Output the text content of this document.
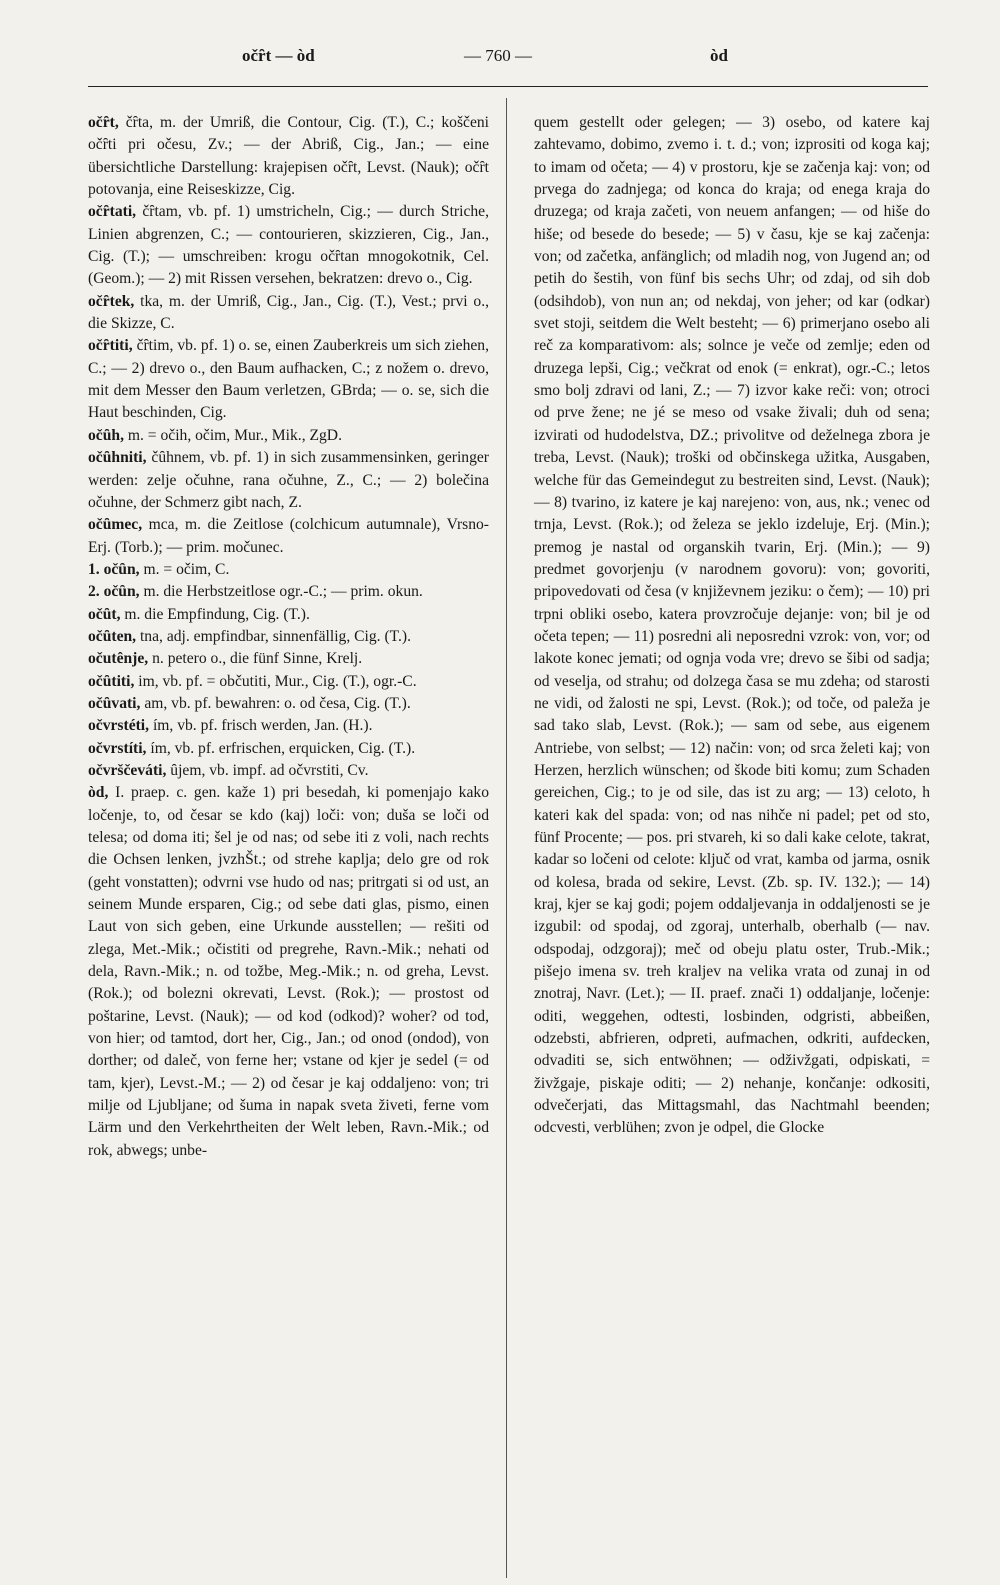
očȓt — òd	— 760 —	òd
očȓt, čȓta, m. der Umriß, die Contour, Cig. (T.), C.; koščeni očȓti pri očesu, Zv.; — der Abriß, Cig., Jan.; — eine übersichtliche Darstellung: krajepisen očȓt, Levst. (Nauk); očȓt potovanja, eine Reiseskizze, Cig.
očȓtati, čȓtam, vb. pf. 1) umstricheln, Cig.; — durch Striche, Linien abgrenzen, C.; — contourieren, skizzieren, Cig., Jan., Cig. (T.); — umschreiben: krogu očȓtan mnogokotnik, Cel. (Geom.); — 2) mit Rissen versehen, bekratzen: drevo o., Cig.
očȓtek, tka, m. der Umriß, Cig., Jan., Cig. (T.), Vest.; prvi o., die Skizze, C.
očȓtiti, čȓtim, vb. pf. 1) o. se, einen Zauberkreis um sich ziehen, C.; — 2) drevo o., den Baum aufhacken, C.; z nožem o. drevo, mit dem Messer den Baum verletzen, GBrda; — o. se, sich die Haut beschinden, Cig.
očȗh, m. = očih, očim, Mur., Mik., ZgD.
očȗhniti, čȗhnem, vb. pf. 1) in sich zusammensinken, geringer werden: zelje očuhne, rana očuhne, Z., C.; — 2) bolečina očuhne, der Schmerz gibt nach, Z.
očȗmec, mca, m. die Zeitlose (colchicum autumnale), Vrsno-Erj. (Torb.); — prim. močunec.
1. očȗn, m. = očim, C.
2. očȗn, m. die Herbstzeitlose ogr.-C.; — prim. okun.
očȗt, m. die Empfindung, Cig. (T.).
očȗten, tna, adj. empfindbar, sinnenfällig, Cig. (T.).
očutênje, n. petero o., die fünf Sinne, Krelj.
očȗtiti, im, vb. pf. = občutiti, Mur., Cig. (T.), ogr.-C.
očȗvati, am, vb. pf. bewahren: o. od česa, Cig. (T.).
očvrstéti, ím, vb. pf. frisch werden, Jan. (H.).
očvrstíti, ím, vb. pf. erfrischen, erquicken, Cig. (T.).
očvrščeváti, ȗjem, vb. impf. ad očvrstiti, Cv.
òd, I. praep. c. gen. kaže 1) pri besedah, ki pomenjajo kako ločenje, to, od česar se kdo (kaj) loči: von; duša se loči od telesa; od doma iti; šel je od nas; od sebe iti z voli, nach rechts die Ochsen lenken, jvzhŠt.; od strehe kaplja; delo gre od rok (geht vonstatten); odvrni vse hudo od nas; pritrgati si od ust, an seinem Munde ersparen, Cig.; od sebe dati glas, pismo, einen Laut von sich geben, eine Urkunde ausstellen; — rešiti od zlega, Met.-Mik.; očistiti od pregrehe, Ravn.-Mik.; nehati od dela, Ravn.-Mik.; n. od tožbe, Meg.-Mik.; n. od greha, Levst. (Rok.); od bolezni okrevati, Levst. (Rok.); — prostost od poštarine, Levst. (Nauk); — od kod (odkod)? woher? od tod, von hier; od tamtod, dort her, Cig., Jan.; od onod (ondod), von dorther; od daleč, von ferne her; vstane od kjer je sedel (= od tam, kjer), Levst.-M.; — 2) od česar je kaj oddaljeno: von; tri milje od Ljubljane; od šuma in napak sveta živeti, ferne vom Lärm und den Verkehrtheiten der Welt leben, Ravn.-Mik.; od rok, abwegs; unbe-
quem gestellt oder gelegen; — 3) osebo, od katere kaj zahtevamo, dobimo, zvemo i. t. d.; von; izprositi od koga kaj; to imam od očeta; — 4) v prostoru, kje se začenja kaj: von; od prvega do zadnjega; od konca do kraja; od enega kraja do druzega; od kraja začeti, von neuem anfangen; — od hiše do hiše; od besede do besede; — 5) v času, kje se kaj začenja: von; od začetka, anfänglich; od mladih nog, von Jugend an; od petih do šestih, von fünf bis sechs Uhr; od zdaj, od sih dob (odsihdob), von nun an; od nekdaj, von jeher; od kar (odkar) svet stoji, seitdem die Welt besteht; — 6) primerjano osebo ali reč za komparativom: als; solnce je veče od zemlje; eden od druzega lepši, Cig.; večkrat od enok (= enkrat), ogr.-C.; letos smo bolj zdravi od lani, Z.; — 7) izvor kake reči: von; otroci od prve žene; ne jé se meso od vsake živali; duh od sena; izvirati od hudodelstva, DZ.; privolitve od deželnega zbora je treba, Levst. (Nauk); troški od občinskega užitka, Ausgaben, welche für das Gemeindegut zu bestreiten sind, Levst. (Nauk); — 8) tvarino, iz katere je kaj narejeno: von, aus, nk.; venec od trnja, Levst. (Rok.); od železa se jeklo izdeluje, Erj. (Min.); premog je nastal od organskih tvarin, Erj. (Min.); — 9) predmet govorjenju (v narodnem govoru): von; govoriti, pripovedovati od česa (v književnem jeziku: o čem); — 10) pri trpni obliki osebo, katera provzročuje dejanje: von; bil je od očeta tepen; — 11) posredni ali neposredni vzrok: von, vor; od lakote konec jemati; od ognja voda vre; drevo se šibi od sadja; od veselja, od strahu; od dolzega časa se mu zdeha; od starosti ne vidi, od žalosti ne spi, Levst. (Rok.); od toče, od paleža je sad tako slab, Levst. (Rok.); — sam od sebe, aus eigenem Antriebe, von selbst; — 12) način: von; od srca želeti kaj; von Herzen, herzlich wünschen; od škode biti komu; zum Schaden gereichen, Cig.; to je od sile, das ist zu arg; — 13) celoto, h kateri kak del spada: von; od nas nihče ni padel; pet od sto, fünf Procente; — pos. pri stvareh, ki so dali kake celote, takrat, kadar so ločeni od celote: ključ od vrat, kamba od jarma, osnik od kolesa, brada od sekire, Levst. (Zb. sp. IV. 132.); — 14) kraj, kjer se kaj godi; pojem oddaljevanja in oddaljenosti se je izgubil: od spodaj, od zgoraj, unterhalb, oberhalb (— nav. odspodaj, odzgoraj); meč od obeju platu oster, Trub.-Mik.; pišejo imena sv. treh kraljev na velika vrata od zunaj in od znotraj, Navr. (Let.); — II. praef. znači 1) oddaljanje, ločenje: oditi, weggehen, odtesti, losbinden, odgristi, abbeißen, odzebsti, abfrieren, odpreti, aufmachen, odkriti, aufdecken, odvaditi se, sich entwöhnen; — odživžgati, odpiskati, = živžgaje, piskaje oditi; — 2) nehanje, končanje: odkositi, odvečerjati, das Mittagsmahl, das Nachtmahl beenden; odcvesti, verblühen; zvon je odpel, die Glocke
